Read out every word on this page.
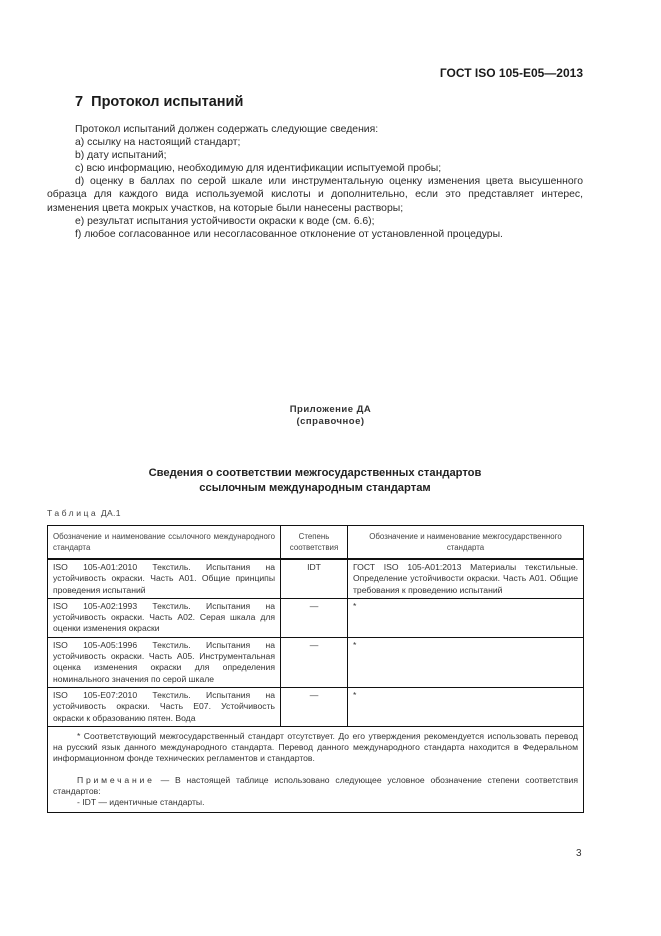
ГОСТ ISO 105-E05—2013
7 Протокол испытаний

Протокол испытаний должен содержать следующие сведения:

a) ссылку на настоящий стандарт;

b) дату испытаний;

c) всю информацию, необходимую для идентификации испытуемой пробы;

d) оценку в баллах по серой шкале или инструментальную оценку изменения цвета высушенного образца для каждого вида используемой кислоты и дополнительно, если это представляет интерес, изменения цвета мокрых участков, на которые были нанесены растворы;

e) результат испытания устойчивости окраски к воде (см. 6.6);

f) любое согласованное или несогласованное отклонение от установленной процедуры.

Приложение ДА
(справочное)
Сведения о соответствии межгосударственных стандартов
ссылочным международным стандартам
Таблица ДА.1
Обозначение и наименование ссылочного международного стандарта	Степень соответствия	Обозначение и наименование межгосударственного стандарта
ISO 105-A01:2010 Текстиль. Испытания на устойчивость окраски. Часть A01. Общие принципы проведения испытаний	IDT	ГОСТ ISO 105-A01:2013 Материалы текстильные. Определение устойчивости окраски. Часть A01. Общие требования к проведению испытаний
ISO 105-A02:1993 Текстиль. Испытания на устойчивость окраски. Часть A02. Серая шкала для оценки изменения окраски	—	*
ISO 105-A05:1996 Текстиль. Испытания на устойчивость окраски. Часть A05. Инструментальная оценка изменения окраски для определения номинального значения по серой шкале	—	*
ISO 105-E07:2010 Текстиль. Испытания на устойчивость окраски. Часть E07. Устойчивость окраски к образованию пятен. Вода	—	*

* Соответствующий межгосударственный стандарт отсутствует. До его утверждения рекомендуется использовать перевод на русский язык данного международного стандарта. Перевод данного международного стандарта находится в Федеральном информационном фонде технических регламентов и стандартов.

Примечание — В настоящей таблице использовано следующее условное обозначение степени соответствия стандартов:

- IDT — идентичные стандарты.		

3
